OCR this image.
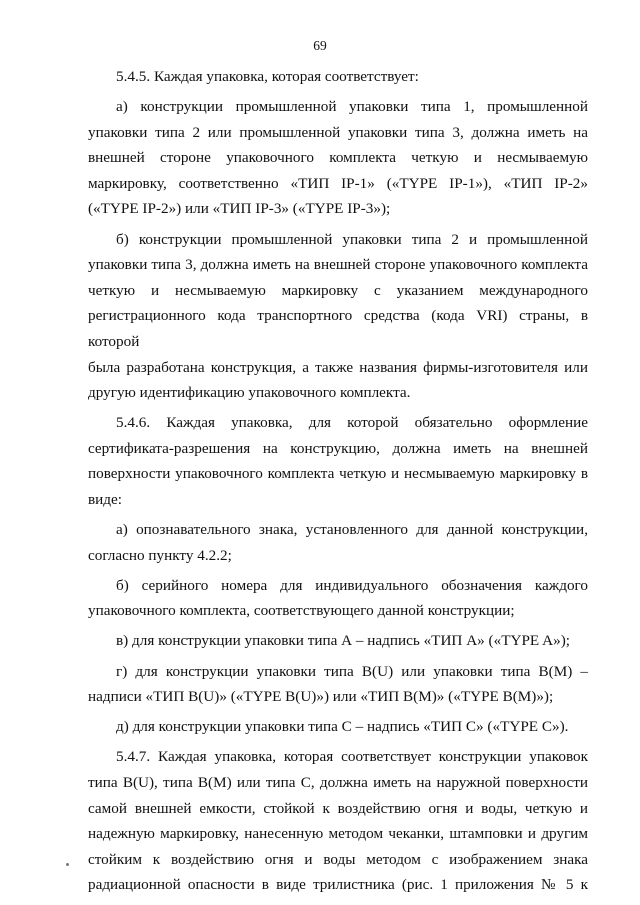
69

5.4.5. Каждая упаковка, которая соответствует:

а) конструкции промышленной упаковки типа 1, промышленной
упаковки типа 2 или промышленной упаковки типа 3, должна иметь на
внешней стороне упаковочного комплекта четкую и несмываемую
маркировку, соответственно «ТИП IP-1» («TYPE IP-1»), «ТИП IP-2»
(«TYPE IP-2») или «ТИП IP-3» («TYPE IP-3»);

б) конструкции промышленной упаковки типа 2 и промышленной
упаковки типа 3, должна иметь на внешней стороне упаковочного комплекта
четкую и несмываемую маркировку с указанием международного
регистрационного кода транспортного средства (кода VRI) страны, в которой
была разработана конструкция, а также названия фирмы-изготовителя или
другую идентификацию упаковочного комплекта.

5.4.6. Каждая упаковка, для которой обязательно оформление
сертификата-разрешения на конструкцию, должна иметь на внешней
поверхности упаковочного комплекта четкую и несмываемую маркировку в
виде:

а) опознавательного знака, установленного для данной конструкции,
согласно пункту 4.2.2;

б) серийного номера для индивидуального обозначения каждого
упаковочного комплекта, соответствующего данной конструкции;

в) для конструкции упаковки типа А – надпись «ТИП А» («TYPE A»);

г) для конструкции упаковки типа B(U) или упаковки типа B(M) –
надписи «ТИП B(U)» («TYPE B(U)») или «ТИП B(M)» («TYPE B(M)»);

д) для конструкции упаковки типа С – надпись «ТИП С» («TYPE C»).

5.4.7. Каждая упаковка, которая соответствует конструкции упаковок
типа B(U), типа B(M) или типа С, должна иметь на наружной поверхности
самой внешней емкости, стойкой к воздействию огня и воды, четкую и
надежную маркировку, нанесенную методом чеканки, штамповки и другим
стойким к воздействию огня и воды методом с изображением знака
радиационной опасности в виде трилистника (рис. 1 приложения № 5 к
